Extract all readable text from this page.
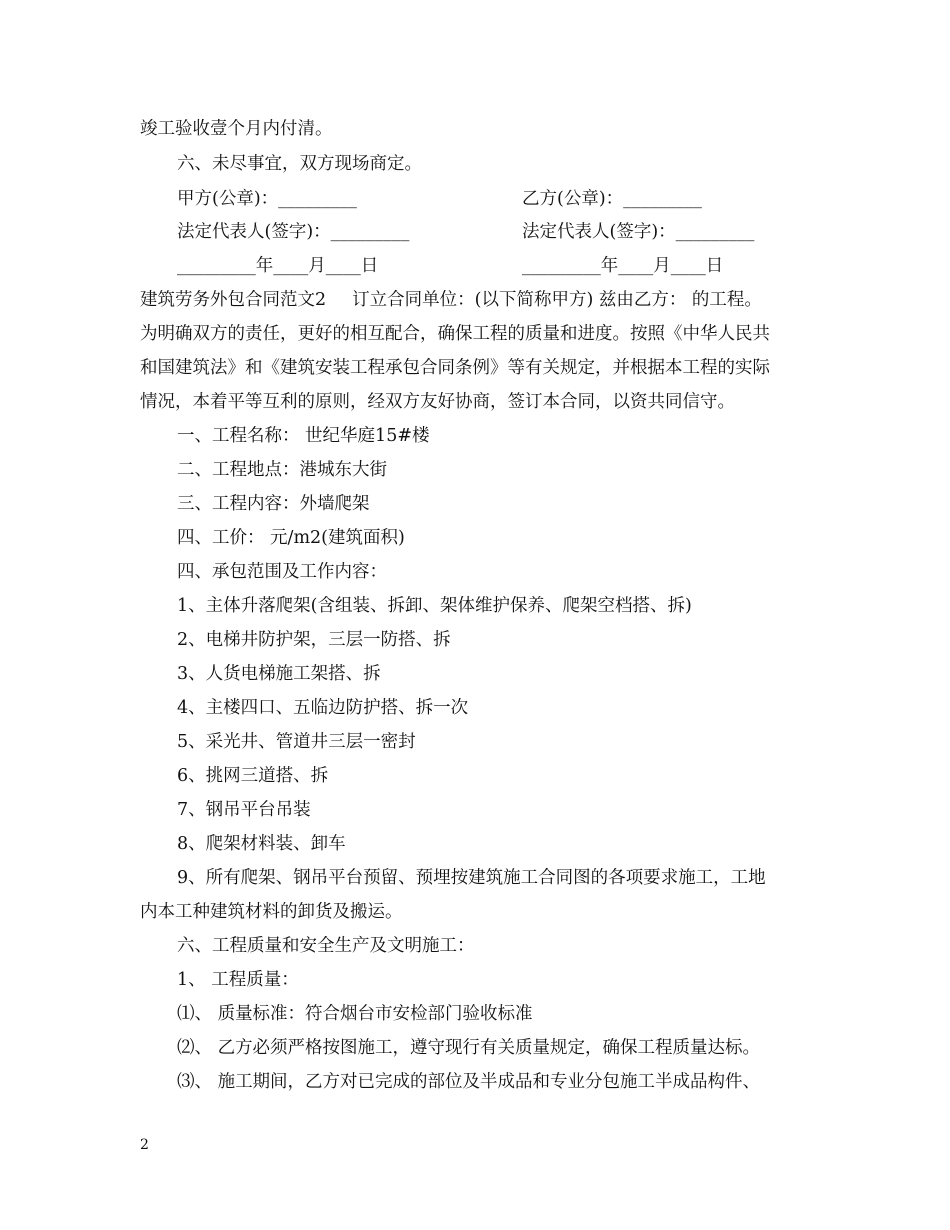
竣工验收壹个月内付清。
六、未尽事宜，双方现场商定。
甲方(公章)：_________	乙方(公章)：_________
法定代表人(签字)：_________	法定代表人(签字)：_________
_________年____月____日	_________年____月____日
建筑劳务外包合同范文2 订立合同单位：(以下简称甲方) 兹由乙方： 的工程。
为明确双方的责任，更好的相互配合，确保工程的质量和进度。按照《中华人民共
和国建筑法》和《建筑安装工程承包合同条例》等有关规定，并根据本工程的实际
情况，本着平等互利的原则，经双方友好协商，签订本合同，以资共同信守。
一、工程名称： 世纪华庭15#楼
二、工程地点：港城东大街
三、工程内容：外墙爬架
四、工价： 元/m2(建筑面积)
四、承包范围及工作内容：
1、主体升落爬架(含组装、拆卸、架体维护保养、爬架空档搭、拆)
2、电梯井防护架，三层一防搭、拆
3、人货电梯施工架搭、拆
4、主楼四口、五临边防护搭、拆一次
5、采光井、管道井三层一密封
6、挑网三道搭、拆
7、钢吊平台吊装
8、爬架材料装、卸车
9、所有爬架、钢吊平台预留、预埋按建筑施工合同图的各项要求施工，工地
内本工种建筑材料的卸货及搬运。
六、工程质量和安全生产及文明施工：
1、 工程质量：
⑴、 质量标准：符合烟台市安检部门验收标准
⑵、 乙方必须严格按图施工，遵守现行有关质量规定，确保工程质量达标。
⑶、 施工期间，乙方对已完成的部位及半成品和专业分包施工半成品构件、
2
